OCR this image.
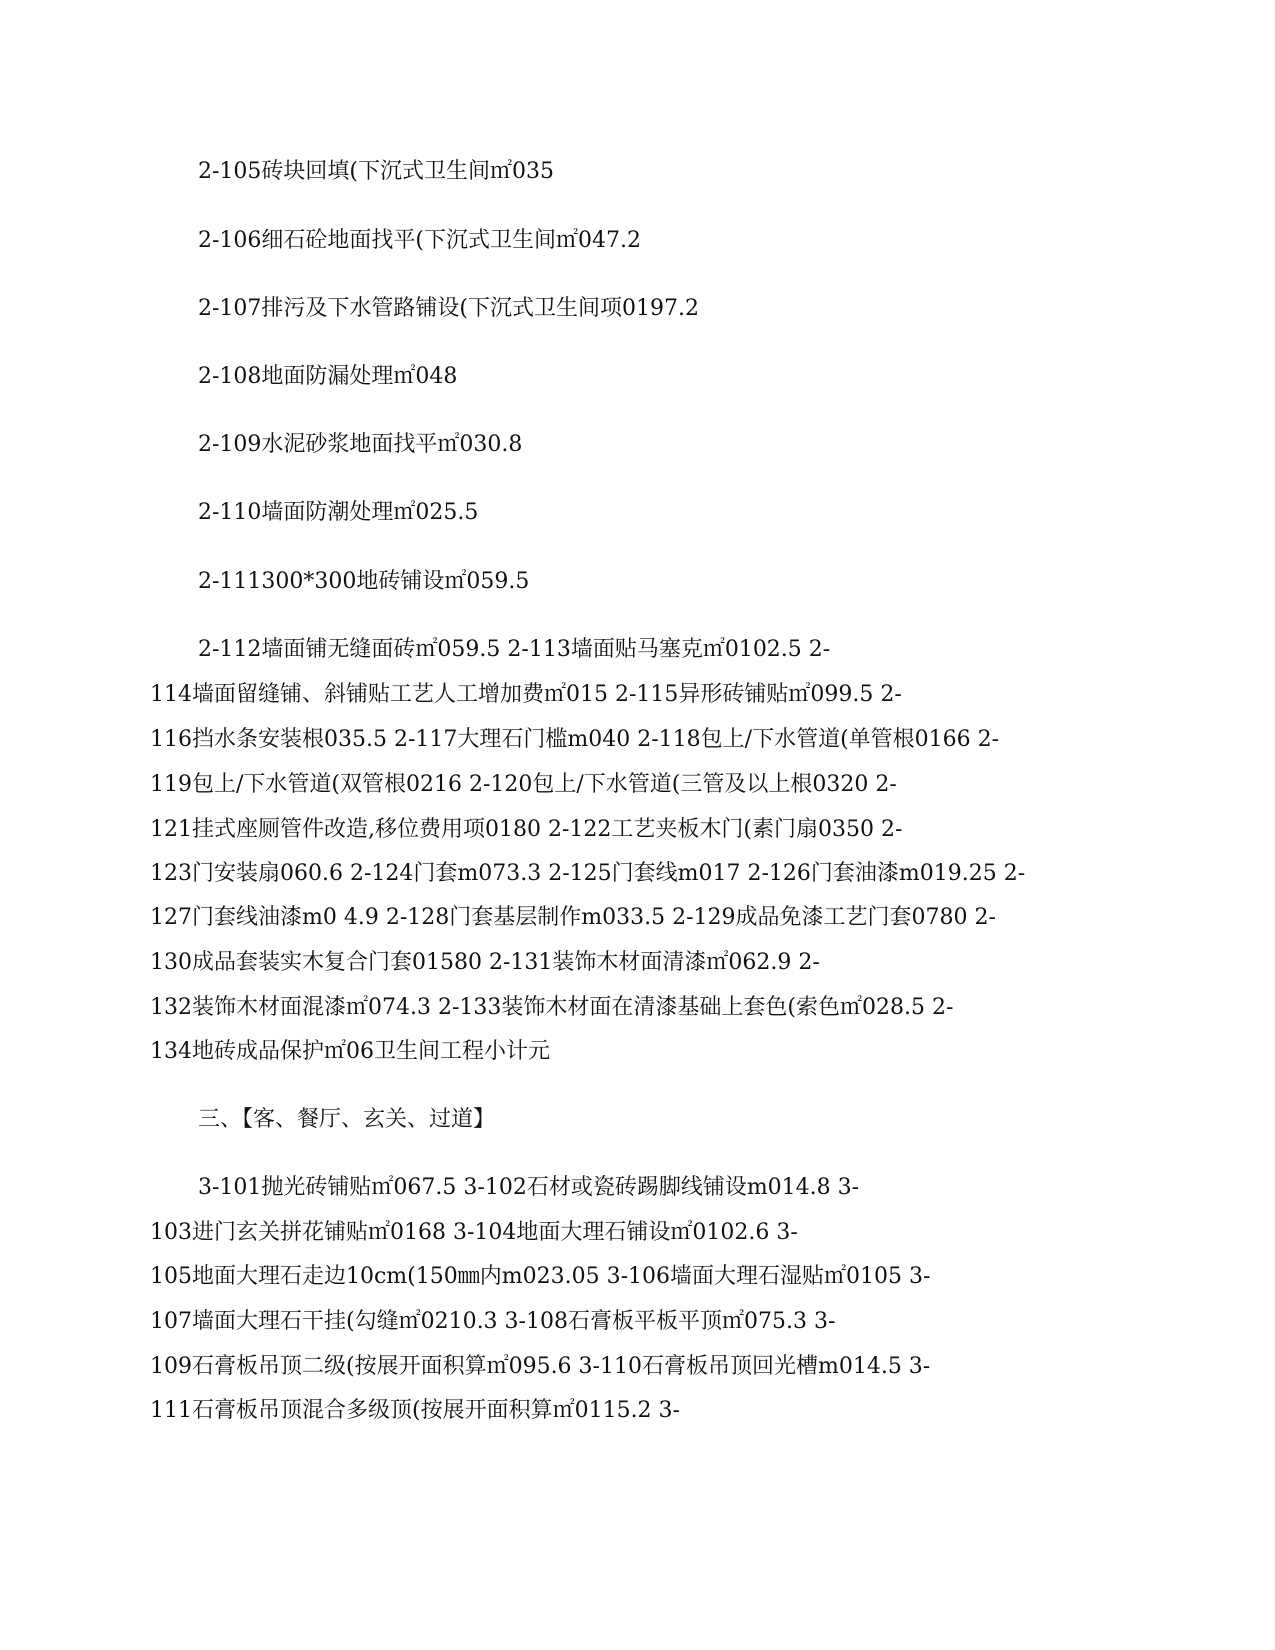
2-105砖块回填(下沉式卫生间㎡035
2-106细石砼地面找平(下沉式卫生间㎡047.2
2-107排污及下水管路铺设(下沉式卫生间项0197.2
2-108地面防漏处理㎡048
2-109水泥砂浆地面找平㎡030.8
2-110墙面防潮处理㎡025.5
2-111300*300地砖铺设㎡059.5
2-112墙面铺无缝面砖㎡059.5 2-113墙面贴马塞克㎡0102.5 2-
114墙面留缝铺、斜铺贴工艺人工增加费㎡015 2-115异形砖铺贴㎡099.5 2-
116挡水条安装根035.5 2-117大理石门槛m040 2-118包上/下水管道(单管根0166 2-
119包上/下水管道(双管根0216 2-120包上/下水管道(三管及以上根0320 2-
121挂式座厕管件改造,移位费用项0180 2-122工艺夹板木门(素门扇0350 2-
123门安装扇060.6 2-124门套m073.3 2-125门套线m017 2-126门套油漆m019.25 2-
127门套线油漆m0 4.9 2-128门套基层制作m033.5 2-129成品免漆工艺门套0780 2-
130成品套装实木复合门套01580 2-131装饰木材面清漆㎡062.9 2-
132装饰木材面混漆㎡074.3 2-133装饰木材面在清漆基础上套色(索色㎡028.5 2-
134地砖成品保护㎡06卫生间工程小计元
三、【客、餐厅、玄关、过道】
3-101抛光砖铺贴㎡067.5 3-102石材或瓷砖踢脚线铺设m014.8 3-
103进门玄关拼花铺贴㎡0168 3-104地面大理石铺设㎡0102.6 3-
105地面大理石走边10cm(150㎜内m023.05 3-106墙面大理石湿贴㎡0105 3-
107墙面大理石干挂(勾缝㎡0210.3 3-108石膏板平板平顶㎡075.3 3-
109石膏板吊顶二级(按展开面积算㎡095.6 3-110石膏板吊顶回光槽m014.5 3-
111石膏板吊顶混合多级顶(按展开面积算㎡0115.2 3-
